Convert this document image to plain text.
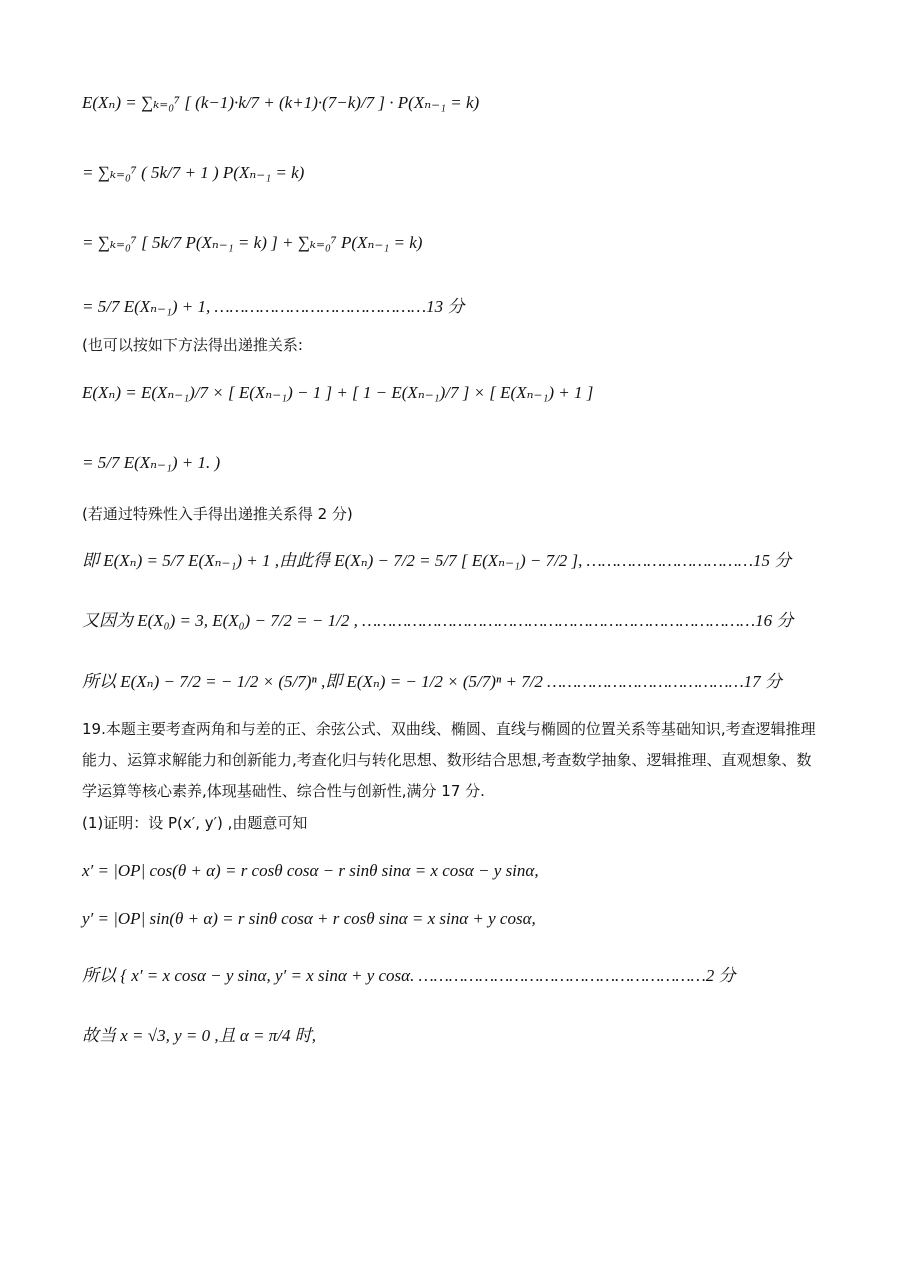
E(Xₙ) = ∑ₖ₌₀⁷ [ (k−1)·k/7 + (k+1)·(7−k)/7 ] · P(Xₙ₋₁ = k)
= ∑ₖ₌₀⁷ ( 5k/7 + 1 ) P(Xₙ₋₁ = k)
= ∑ₖ₌₀⁷ [ 5k/7 P(Xₙ₋₁ = k) ] + ∑ₖ₌₀⁷ P(Xₙ₋₁ = k)
= 5/7 E(Xₙ₋₁) + 1, ……………………………………13 分
(也可以按如下方法得出递推关系:
E(Xₙ) = E(Xₙ₋₁)/7 × [ E(Xₙ₋₁) − 1 ] + [ 1 − E(Xₙ₋₁)/7 ] × [ E(Xₙ₋₁) + 1 ]
= 5/7 E(Xₙ₋₁) + 1. )
(若通过特殊性入手得出递推关系得 2 分)
即 E(Xₙ) = 5/7 E(Xₙ₋₁) + 1 ,由此得 E(Xₙ) − 7/2 = 5/7 [ E(Xₙ₋₁) − 7/2 ], ……………………………15 分
又因为 E(X₀) = 3, E(X₀) − 7/2 = − 1/2 , ……………………………………………………………………16 分
所以 E(Xₙ) − 7/2 = − 1/2 × (5/7)ⁿ ,即 E(Xₙ) = − 1/2 × (5/7)ⁿ + 7/2 …………………………………17 分
19.本题主要考查两角和与差的正、余弦公式、双曲线、椭圆、直线与椭圆的位置关系等基础知识,考查逻辑推理能力、运算求解能力和创新能力,考查化归与转化思想、数形结合思想,考查数学抽象、逻辑推理、直观想象、数学运算等核心素养,体现基础性、综合性与创新性,满分 17 分.
(1)证明：设 P(x′, y′) ,由题意可知
x′ = |OP| cos(θ + α) = r cosθ cosα − r sinθ sinα = x cosα − y sinα,
y′ = |OP| sin(θ + α) = r sinθ cosα + r cosθ sinα = x sinα + y cosα,
所以 { x′ = x cosα − y sinα, y′ = x sinα + y cosα. …………………………………………………2 分
故当 x = √3, y = 0 ,且 α = π/4 时,
